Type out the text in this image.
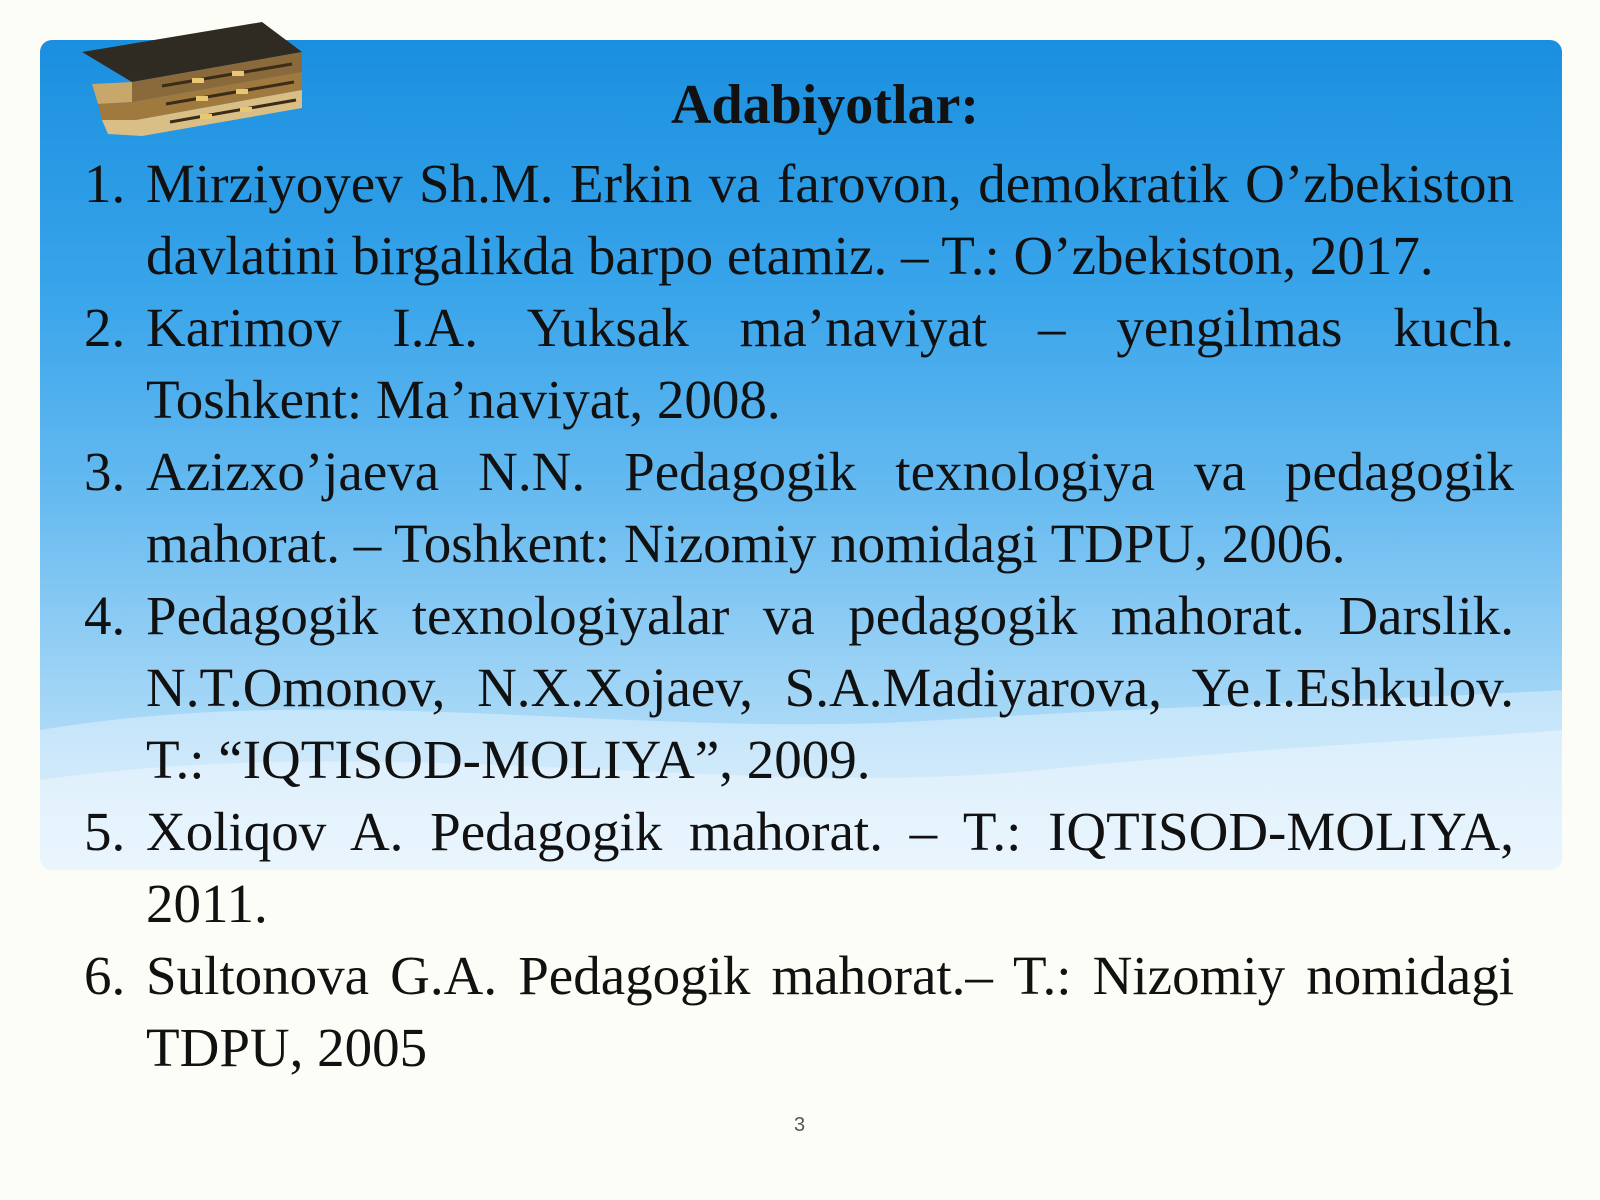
Adabiyotlar:
1. Mirziyoyev Sh.M. Erkin va farovon, demokratik O’zbekiston davlatini birgalikda barpo etamiz. – T.: O’zbekiston, 2017.
2. Karimov I.A. Yuksak ma’naviyat – yengilmas kuch. Toshkent: Ma’naviyat, 2008.
3. Azizxo’jaeva N.N. Pedagogik texnologiya va pedagogik mahorat. – Toshkent: Nizomiy nomidagi TDPU, 2006.
4. Pedagogik texnologiyalar va pedagogik mahorat. Darslik. N.T.Omonov, N.X.Xojaev, S.A.Madiyarova, Ye.I.Eshkulov. T.: “IQTISOD-MOLIYA”, 2009.
5. Xoliqov A. Pedagogik mahorat. – T.: IQTISOD-MOLIYA, 2011.
6. Sultonova G.A. Pedagogik mahorat.– T.: Nizomiy nomidagi TDPU, 2005
3
